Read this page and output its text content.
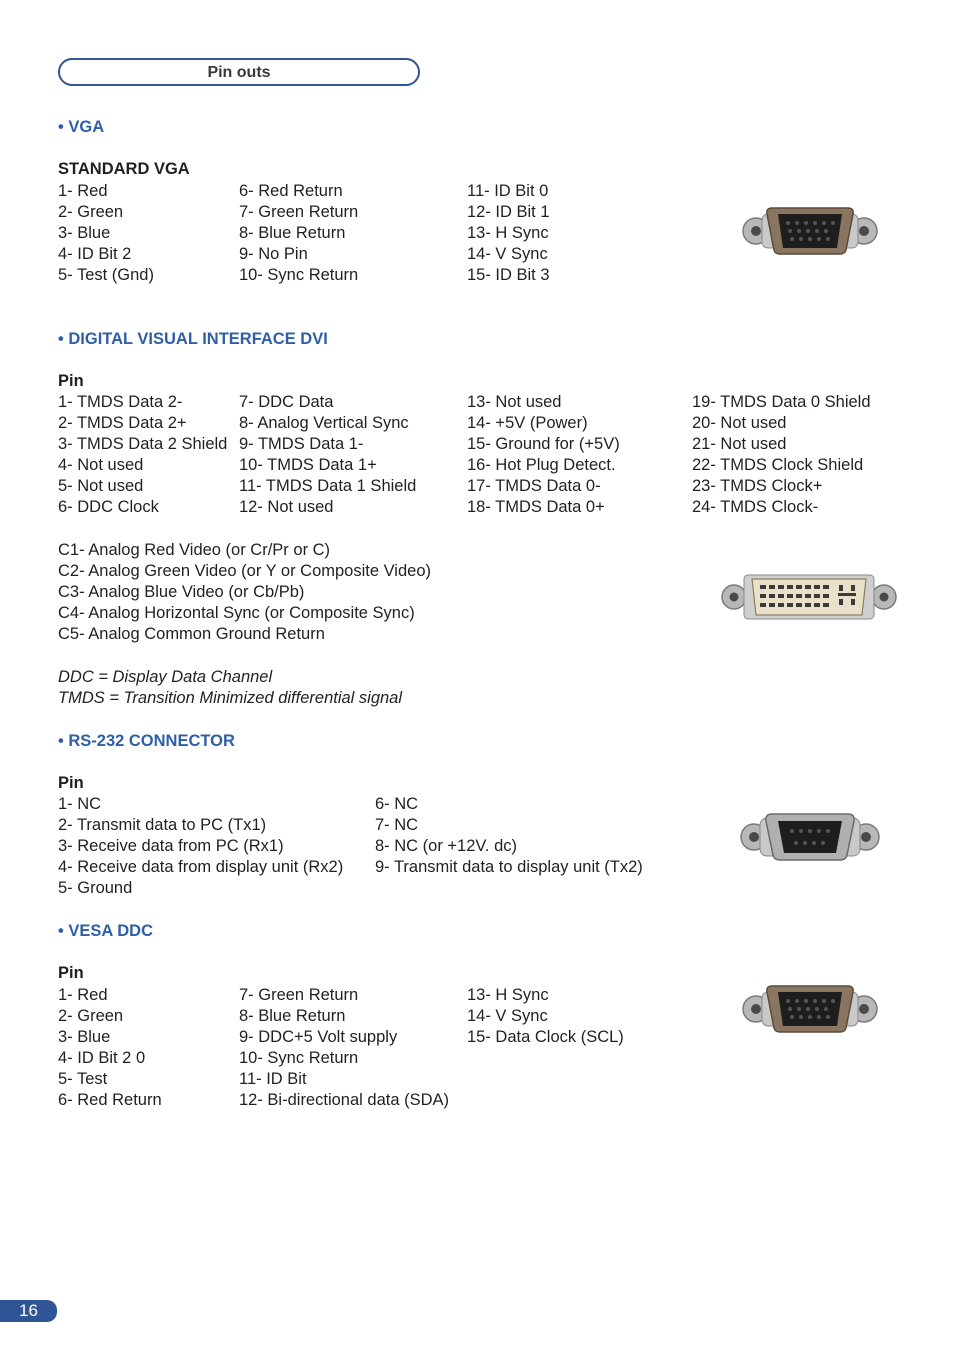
Pin outs
• VGA
STANDARD VGA
1- Red
2- Green
3- Blue
4- ID Bit 2
5- Test (Gnd)
6- Red Return
7- Green Return
8- Blue Return
9- No Pin
10- Sync Return
11- ID Bit 0
12- ID Bit 1
13- H Sync
14- V Sync
15- ID Bit 3
• DIGITAL VISUAL INTERFACE DVI
Pin
1- TMDS Data 2-
2- TMDS Data 2+
3- TMDS Data 2 Shield
4- Not used
5- Not used
6- DDC Clock
7- DDC Data
8- Analog Vertical Sync
9- TMDS Data 1-
10- TMDS Data 1+
11- TMDS Data 1 Shield
12- Not used
13- Not used
14- +5V (Power)
15- Ground for (+5V)
16- Hot Plug Detect.
17- TMDS Data 0-
18- TMDS Data 0+
19- TMDS Data 0 Shield
20- Not used
21- Not used
22- TMDS Clock Shield
23- TMDS Clock+
24- TMDS Clock-
C1- Analog Red Video (or Cr/Pr or C)
C2- Analog Green Video (or Y or Composite Video)
C3- Analog Blue Video (or Cb/Pb)
C4- Analog Horizontal Sync (or Composite Sync)
C5- Analog Common Ground Return
DDC = Display Data Channel
TMDS = Transition Minimized differential signal
• RS-232 CONNECTOR
Pin
1- NC
2- Transmit data to PC (Tx1)
3- Receive data from PC (Rx1)
4- Receive data from display unit (Rx2)
5- Ground
6- NC
7- NC
8- NC (or +12V. dc)
9- Transmit data to display unit (Tx2)
• VESA DDC
Pin
1- Red
2- Green
3- Blue
4- ID Bit 2 0
5- Test
6- Red Return
7- Green Return
8- Blue Return
9- DDC+5 Volt supply
10- Sync Return
11- ID Bit
12- Bi-directional data (SDA)
13- H Sync
14- V Sync
15- Data Clock (SCL)
16
